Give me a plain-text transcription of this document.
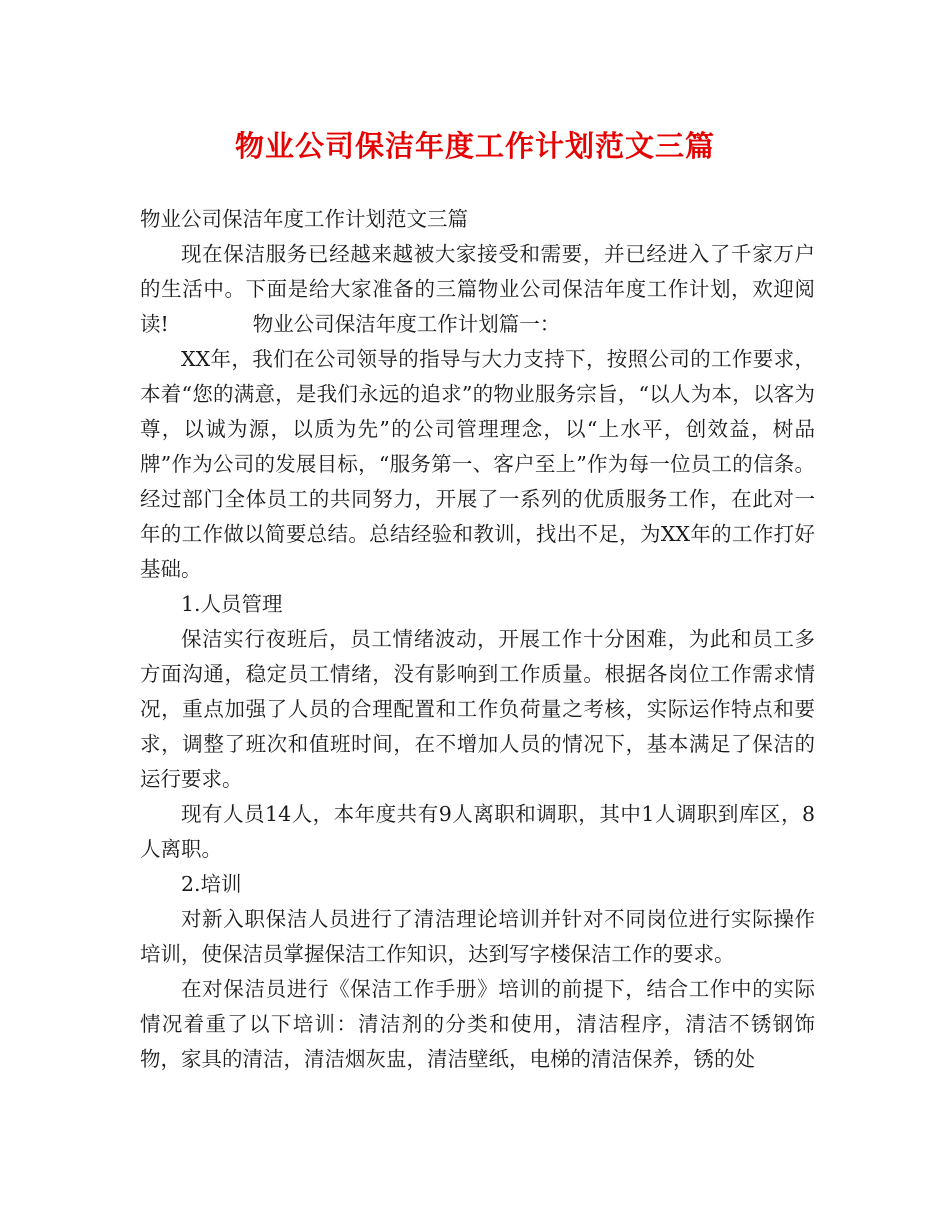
物业公司保洁年度工作计划范文三篇

物业公司保洁年度工作计划范文三篇

现在保洁服务已经越来越被大家接受和需要，并已经进入了千家万户的生活中。下面是给大家准备的三篇物业公司保洁年度工作计划，欢迎阅读!	物业公司保洁年度工作计划篇一：

XX年，我们在公司领导的指导与大力支持下，按照公司的工作要求，本着“您的满意，是我们永远的追求”的物业服务宗旨，“以人为本，以客为尊，以诚为源，以质为先”的公司管理理念，以“上水平，创效益，树品牌”作为公司的发展目标，“服务第一、客户至上”作为每一位员工的信条。经过部门全体员工的共同努力，开展了一系列的优质服务工作，在此对一年的工作做以简要总结。总结经验和教训，找出不足，为XX年的工作打好基础。

1.人员管理

保洁实行夜班后，员工情绪波动，开展工作十分困难，为此和员工多方面沟通，稳定员工情绪，没有影响到工作质量。根据各岗位工作需求情况，重点加强了人员的合理配置和工作负荷量之考核，实际运作特点和要求，调整了班次和值班时间，在不增加人员的情况下，基本满足了保洁的运行要求。

现有人员14人，本年度共有9人离职和调职，其中1人调职到库区，8人离职。

2.培训

对新入职保洁人员进行了清洁理论培训并针对不同岗位进行实际操作培训，使保洁员掌握保洁工作知识，达到写字楼保洁工作的要求。

在对保洁员进行《保洁工作手册》培训的前提下，结合工作中的实际情况着重了以下培训：清洁剂的分类和使用，清洁程序，清洁不锈钢饰物，家具的清洁，清洁烟灰盅，清洁壁纸，电梯的清洁保养，锈的处
